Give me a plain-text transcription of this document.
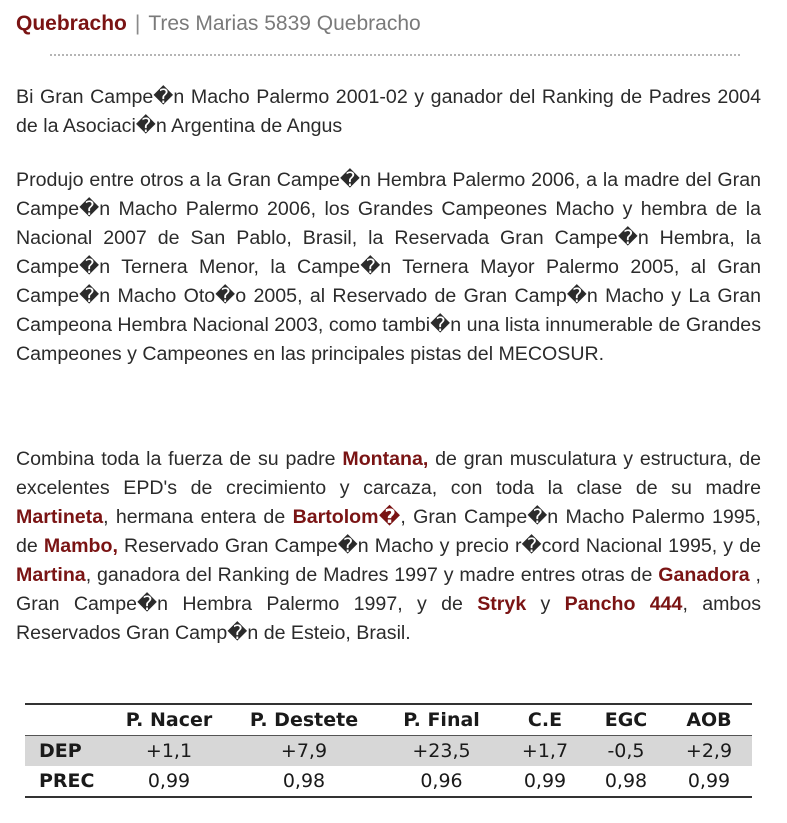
Quebracho | Tres Marias 5839 Quebracho

Bi Gran Campe�n Macho Palermo 2001-02 y ganador del Ranking de Padres 2004 de la Asociaci�n Argentina de Angus

Produjo entre otros a la Gran Campe�n Hembra Palermo 2006, a la madre del Gran Campe�n Macho Palermo 2006, los Grandes Campeones Macho y hembra de la Nacional 2007 de San Pablo, Brasil, la Reservada Gran Campe�n Hembra, la Campe�n Ternera Menor, la Campe�n Ternera Mayor Palermo 2005, al Gran Campe�n Macho Oto�o 2005, al Reservado de Gran Camp�n Macho y La Gran Campeona Hembra Nacional 2003, como tambi�n una lista innumerable de Grandes Campeones y Campeones en las principales pistas del MECOSUR.

Combina toda la fuerza de su padre Montana, de gran musculatura y estructura, de excelentes EPD's de crecimiento y carcaza, con toda la clase de su madre Martineta, hermana entera de Bartolom�, Gran Campe�n Macho Palermo 1995, de Mambo, Reservado Gran Campe�n Macho y precio r�cord Nacional 1995, y de Martina, ganadora del Ranking de Madres 1997 y madre entres otras de Ganadora , Gran Campe�n Hembra Palermo 1997, y de Stryk y Pancho 444, ambos Reservados Gran Camp�n de Esteio, Brasil.

	P. Nacer	P. Destete	P. Final	C.E	EGC	AOB
DEP	+1,1	+7,9	+23,5	+1,7	-0,5	+2,9
PREC	0,99	0,98	0,96	0,99	0,98	0,99
